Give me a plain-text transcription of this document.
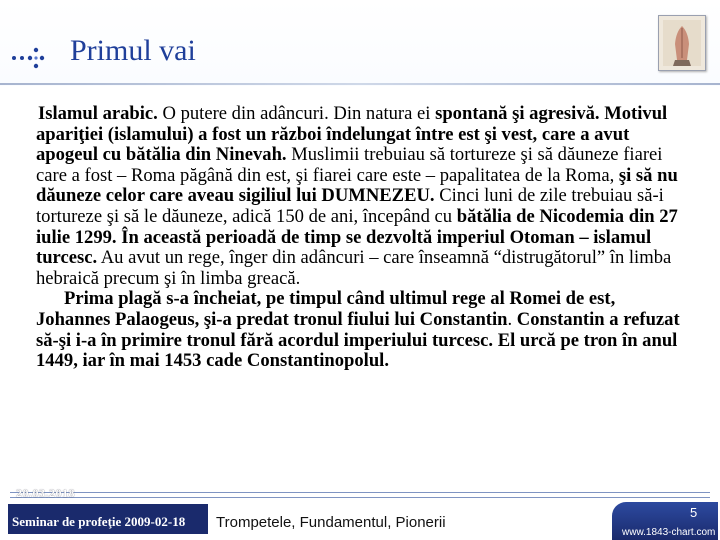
Primul vai

Islamul arabic. O putere din adâncuri. Din natura ei spontană şi agresivă. Motivul apariţiei (islamului) a fost un război îndelungat între est şi vest, care a avut apogeul cu bătălia din Ninevah. Muslimii trebuiau să tortureze şi să dăuneze fiarei care a fost – Roma păgână din est, şi fiarei care este – papalitatea de la Roma, şi să nu dăuneze celor care aveau sigiliul lui DUMNEZEU. Cinci luni de zile trebuiau să-i tortureze şi să le dăuneze, adică 150 de ani, începând cu bătălia de Nicodemia din 27 iulie 1299. În această perioadă de timp se dezvoltă imperiul Otoman – islamul turcesc. Au avut un rege, înger din adâncuri – care înseamnă “distrugătorul” în limba hebraică precum şi în limba greacă.

Prima plagă s-a încheiat, pe timpul când ultimul rege al Romei de est, Johannes Palaogeus, şi-a predat tronul fiului lui Constantin. Constantin a refuzat să-şi i-a în primire tronul fără acordul imperiului turcesc. El urcă pe tron în anul 1449, iar în mai 1453 cade Constantinopolul.

20.03.2018
Seminar de profeţie 2009-02-18 Trompetele, Fundamentul, Pionerii
5
www.1843-chart.com
